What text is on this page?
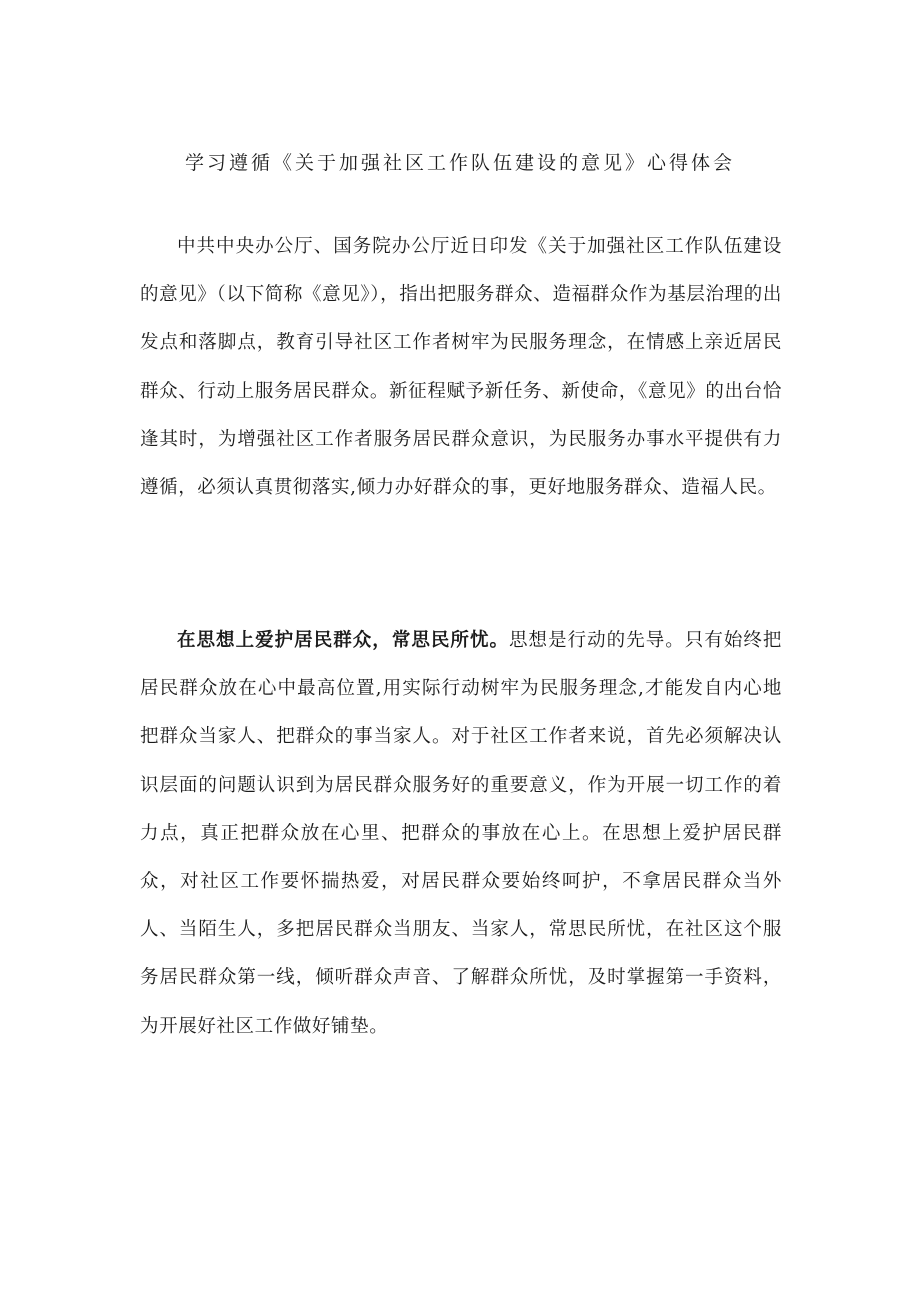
学习遵循《关于加强社区工作队伍建设的意见》心得体会

中共中央办公厅、国务院办公厅近日印发《关于加强社区工作队伍建设的意见》（以下简称《意见》），指出把服务群众、造福群众作为基层治理的出发点和落脚点，教育引导社区工作者树牢为民服务理念，在情感上亲近居民群众、行动上服务居民群众。新征程赋予新任务、新使命，《意见》的出台恰逢其时，为增强社区工作者服务居民群众意识，为民服务办事水平提供有力遵循，必须认真贯彻落实,倾力办好群众的事，更好地服务群众、造福人民。

在思想上爱护居民群众，常思民所忧。思想是行动的先导。只有始终把居民群众放在心中最高位置,用实际行动树牢为民服务理念,才能发自内心地把群众当家人、把群众的事当家人。对于社区工作者来说，首先必须解决认识层面的问题认识到为居民群众服务好的重要意义，作为开展一切工作的着力点，真正把群众放在心里、把群众的事放在心上。在思想上爱护居民群众，对社区工作要怀揣热爱，对居民群众要始终呵护，不拿居民群众当外人、当陌生人，多把居民群众当朋友、当家人，常思民所忧，在社区这个服务居民群众第一线，倾听群众声音、了解群众所忧，及时掌握第一手资料，为开展好社区工作做好铺垫。
